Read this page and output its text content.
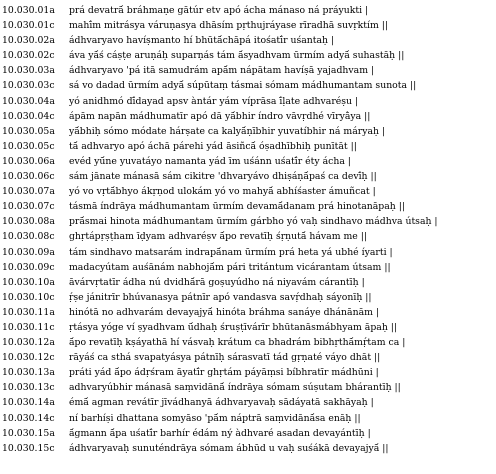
10.030.01a prá devatrā́ bráhmaṇe gātúr etv apó ácha mánaso ná práyukti |
10.030.01c mahī́m mitrásya váruṇasya dhāsím pṛthujráyase rīradhā suvṛktím ||
10.030.02a ádhvaryavo havíṣmanto hí bhūtā́chāpá itośatī́r uśantaḥ |
10.030.02c áva yā́ś cáṣṭe aruṇáḥ suparṇás tám ā́syadhvam ūrmím adyā́ suhastāḥ ||
10.030.03a ádhvaryavo 'pá itā samudrám apā́m nápātam havíṣā yajadhvam |
10.030.03c sá vo dadad ūrmím adyā́ súpūtaṃ tásmai sómam mádhumantam sunota ||
10.030.04a yó anidhmó dī́dayad apsv àntár yám víprāsa ī́ḷate adhvaréṣu |
10.030.04c ápām napān mádhumatīr apó dā yā́bhir índro vāvṛdhé vīryā̀ya ||
10.030.05a yā́bhiḥ sómo módate hárṣate ca kalyā́ṇībhir yuvatíbhir ná máryaḥ |
10.030.05c tā́ adhvaryo apó áchā párehi yád āsiñcā́ óṣadhībhiḥ punītāt ||
10.030.06a evéd yū́ne yuvatáyo namanta yád īm uśánn uśatī́r éty ácha |
10.030.06c sám jānate mánasā sám cikitre 'dhvaryávo dhiṣáṇā́paś ca devī́ḥ ||
10.030.07a yó vo vṛtā́bhyo ákṛṇod ulokám yó vo mahyā́ abhíśaster ámuñcat |
10.030.07c tásmā índrāya mádhumantam ūrmím devamā́danam prá hinotanāpaḥ ||
10.030.08a prā́smai hinota mádhumantam ūrmím gárbho yó vaḥ sindhavo mádhva útsaḥ |
10.030.08c ghṛtápṛṣṭham īḍyam adhvaréṣv ā́po revatīḥ śṛṇutā́ hávam me ||
10.030.09a tám sindhavo matsarám indrapā́nam ūrmím prá heta yá ubhé íyarti |
10.030.09c madacyútam auśānám nabhojā́m pári tritántum vicárantam útsam ||
10.030.10a āvárvṛtatīr ádha nú dvidhā́rā goṣuyúdho ná niyavám cárantīḥ |
10.030.10c ṛ́ṣe jánitrīr bhúvanasya pátnīr apó vandasva savṛ́dhaḥ sáyonīḥ ||
10.030.11a hinótā no adhvarám devayajyā́ hinóta bráhma sanáye dhánānām |
10.030.11c ṛtásya yóge ví ṣyadhvam ū́dhaḥ śruṣṭīvárīr bhūtanāsmábhyam āpaḥ ||
10.030.12a ā́po revatīḥ kṣáyathā hí vásvaḥ krátum ca bhadrám bibhṛthā́mṛ́tam ca |
10.030.12c rāyáś ca sthá svapatyásya pátnīḥ sárasvatī tád gṛṇaté váyo dhāt ||
10.030.13a práti yád ā́po ádṛśram āyatī́r ghṛtám páyāṃsi bíbhratīr mádhūni |
10.030.13c adhvaryúbhir mánasā saṃvidānā́ índrāya sómam súṣutam bhárantīḥ ||
10.030.14a émā́ agman revátīr jīvádhanyā ádhvaryavaḥ sādáyatā sakhāyaḥ |
10.030.14c ní barhíṣi dhattana somyāso 'pā́m náptrā saṃvidānā́sa enāḥ ||
10.030.15a ā́gmann ā́pa uśatī́r barhír édám ný àdhvaré asadan devayántīḥ |
10.030.15c ádhvaryavaḥ sunuténdrāya sómam ábhūd u vaḥ suśákā devayajyā́ ||
